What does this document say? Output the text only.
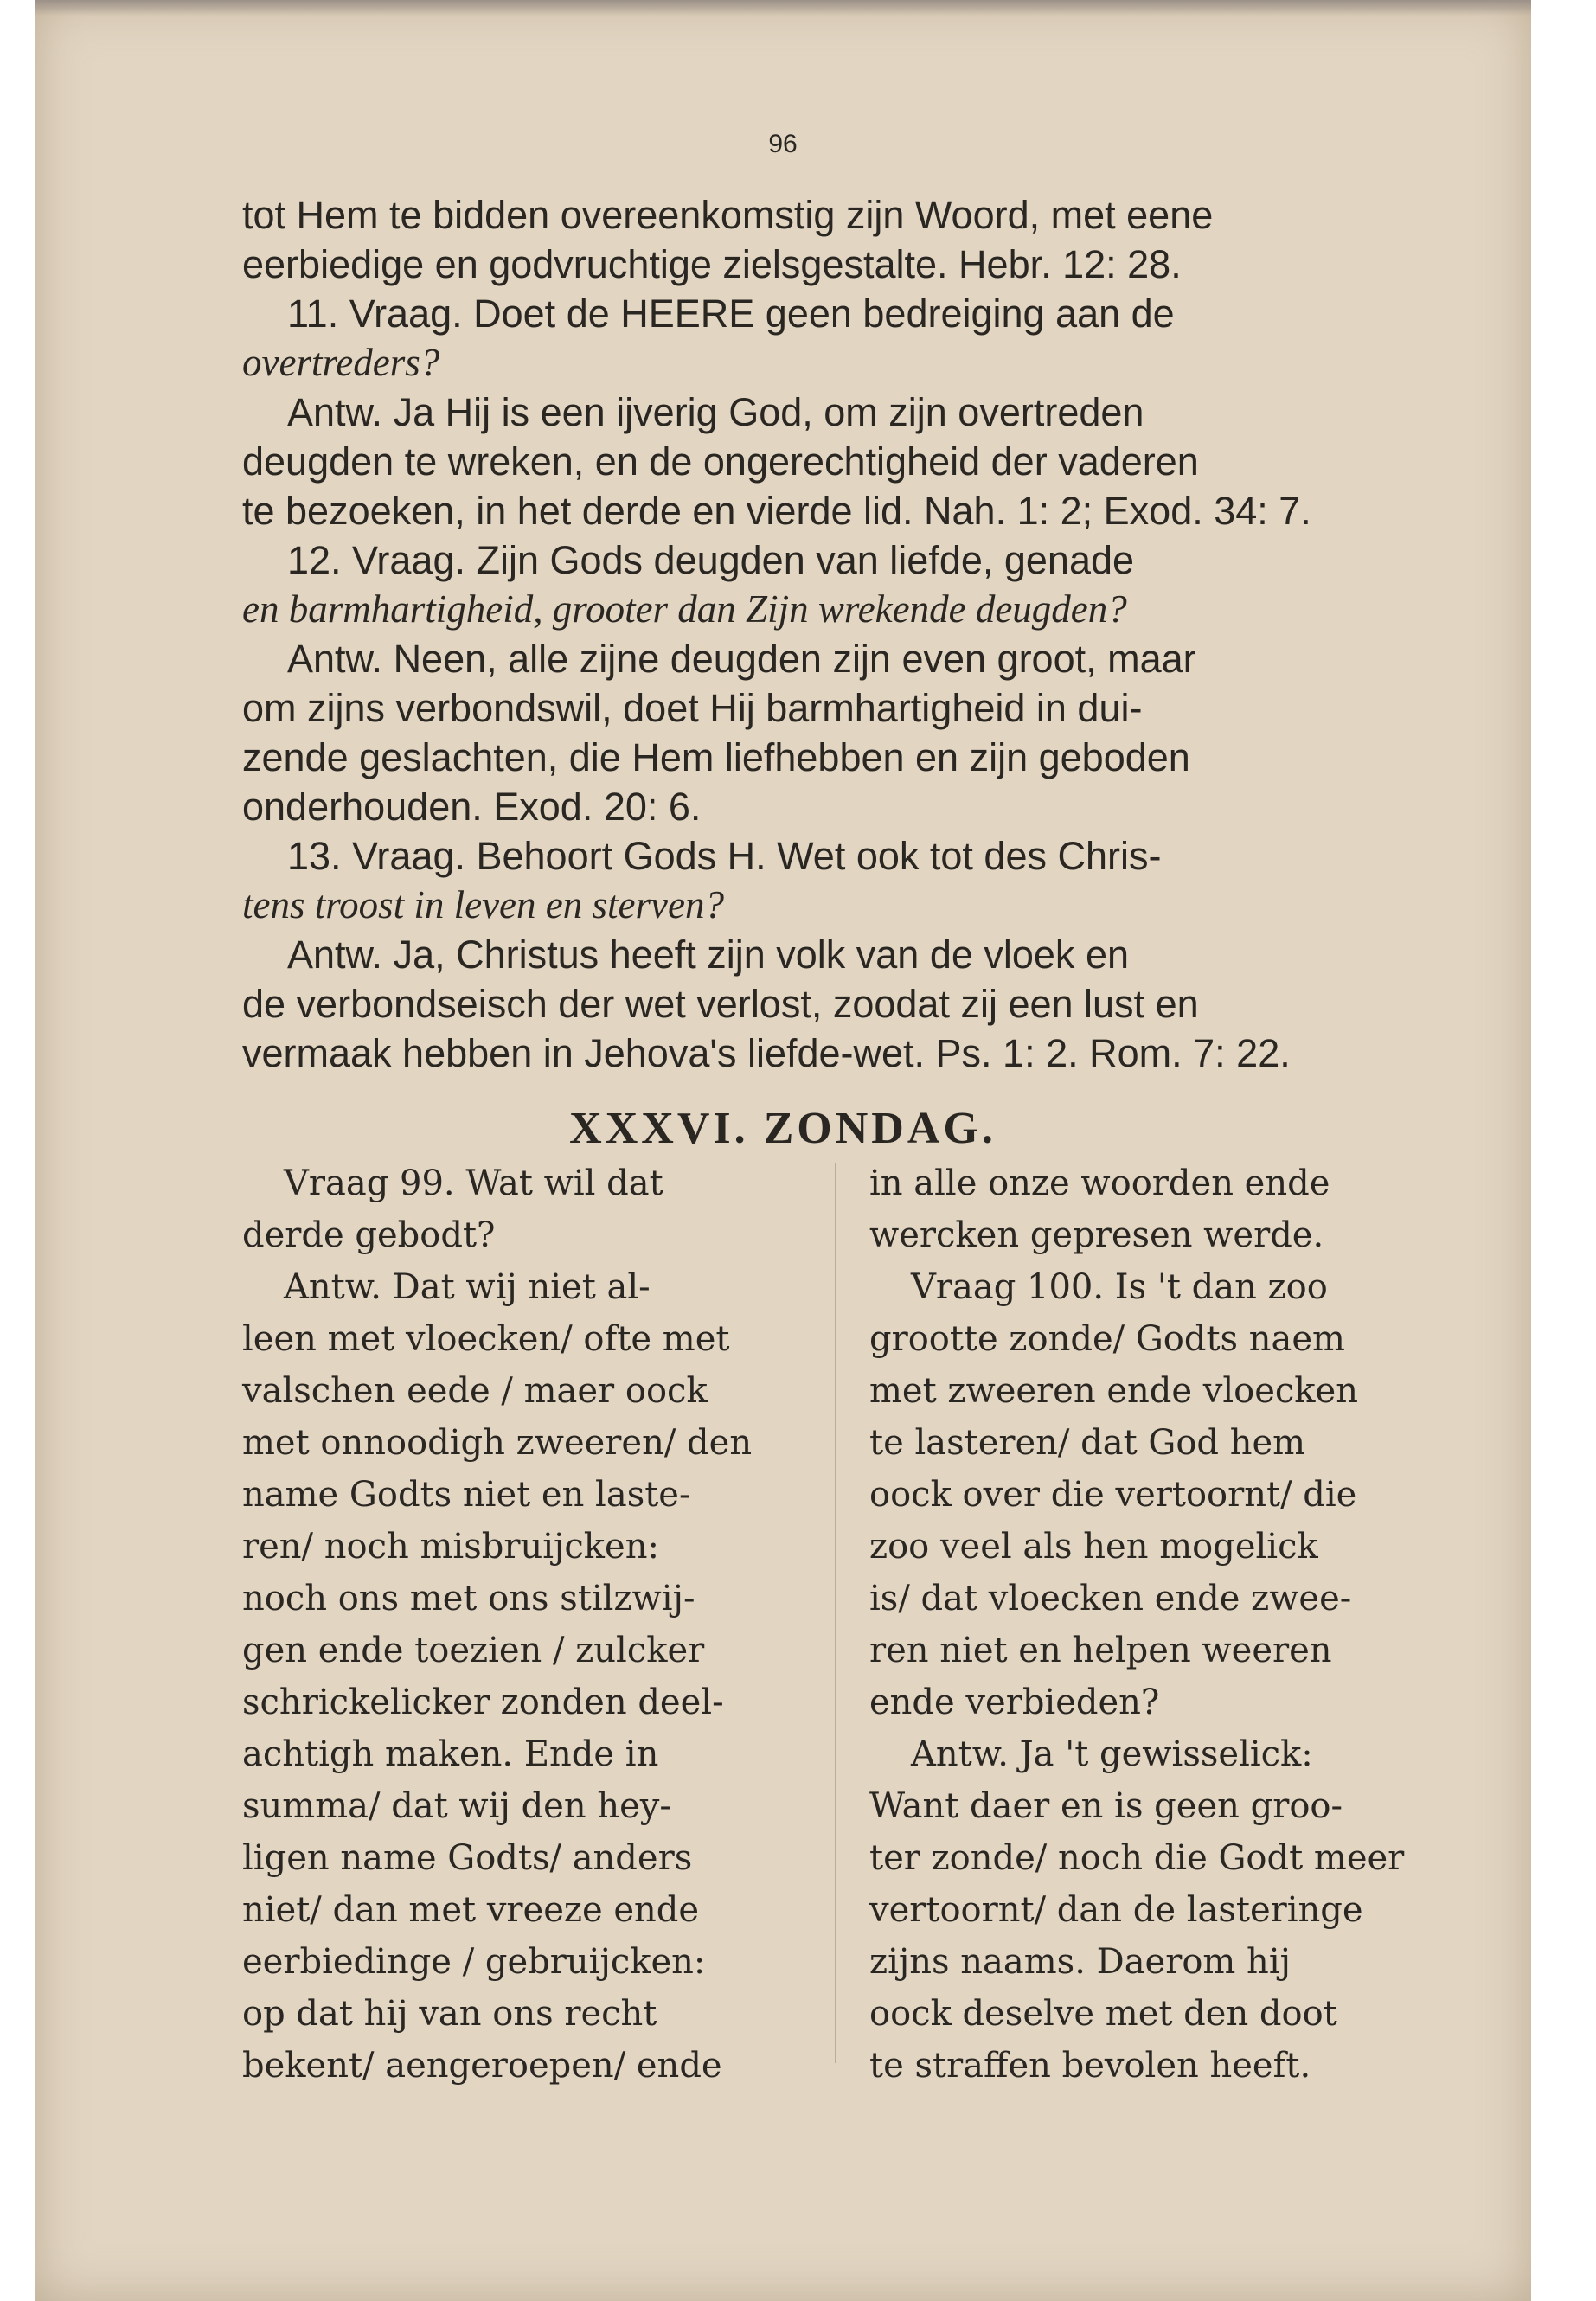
96
tot Hem te bidden overeenkomstig zijn Woord, met eene
eerbiedige en godvruchtige zielsgestalte. Hebr. 12: 28.
11. Vraag. Doet de HEERE geen bedreiging aan de
overtreders?
Antw. Ja Hij is een ijverig God, om zijn overtreden
deugden te wreken, en de ongerechtigheid der vaderen
te bezoeken, in het derde en vierde lid. Nah. 1: 2; Exod. 34: 7.
12. Vraag. Zijn Gods deugden van liefde, genade
en barmhartigheid, grooter dan Zijn wrekende deugden?
Antw. Neen, alle zijne deugden zijn even groot, maar
om zijns verbondswil, doet Hij barmhartigheid in dui-
zende geslachten, die Hem liefhebben en zijn geboden
onderhouden. Exod. 20: 6.
13. Vraag. Behoort Gods H. Wet ook tot des Chris-
tens troost in leven en sterven?
Antw. Ja, Christus heeft zijn volk van de vloek en
de verbondseisch der wet verlost, zoodat zij een lust en
vermaak hebben in Jehova's liefde-wet. Ps. 1: 2. Rom. 7: 22.
XXXVI. ZONDAG.
Vraag 99. Wat wil dat
derde gebodt?
Antw. Dat wij niet al-
leen met vloecken/ ofte met
valschen eede / maer oock
met onnoodigh zweeren/ den
name Godts niet en laste-
ren/ noch misbruijcken:
noch ons met ons stilzwij-
gen ende toezien / zulcker
schrickelicker zonden deel-
achtigh maken. Ende in
summa/ dat wij den hey-
ligen name Godts/ anders
niet/ dan met vreeze ende
eerbiedinge / gebruijcken:
op dat hij van ons recht
bekent/ aengeroepen/ ende
in alle onze woorden ende
wercken gepresen werde.
Vraag 100. Is 't dan zoo
grootte zonde/ Godts naem
met zweeren ende vloecken
te lasteren/ dat God hem
oock over die vertoornt/ die
zoo veel als hen mogelick
is/ dat vloecken ende zwee-
ren niet en helpen weeren
ende verbieden?
Antw. Ja 't gewisselick:
Want daer en is geen groo-
ter zonde/ noch die Godt meer
vertoornt/ dan de lasteringe
zijns naams. Daerom hij
oock deselve met den doot
te straffen bevolen heeft.
